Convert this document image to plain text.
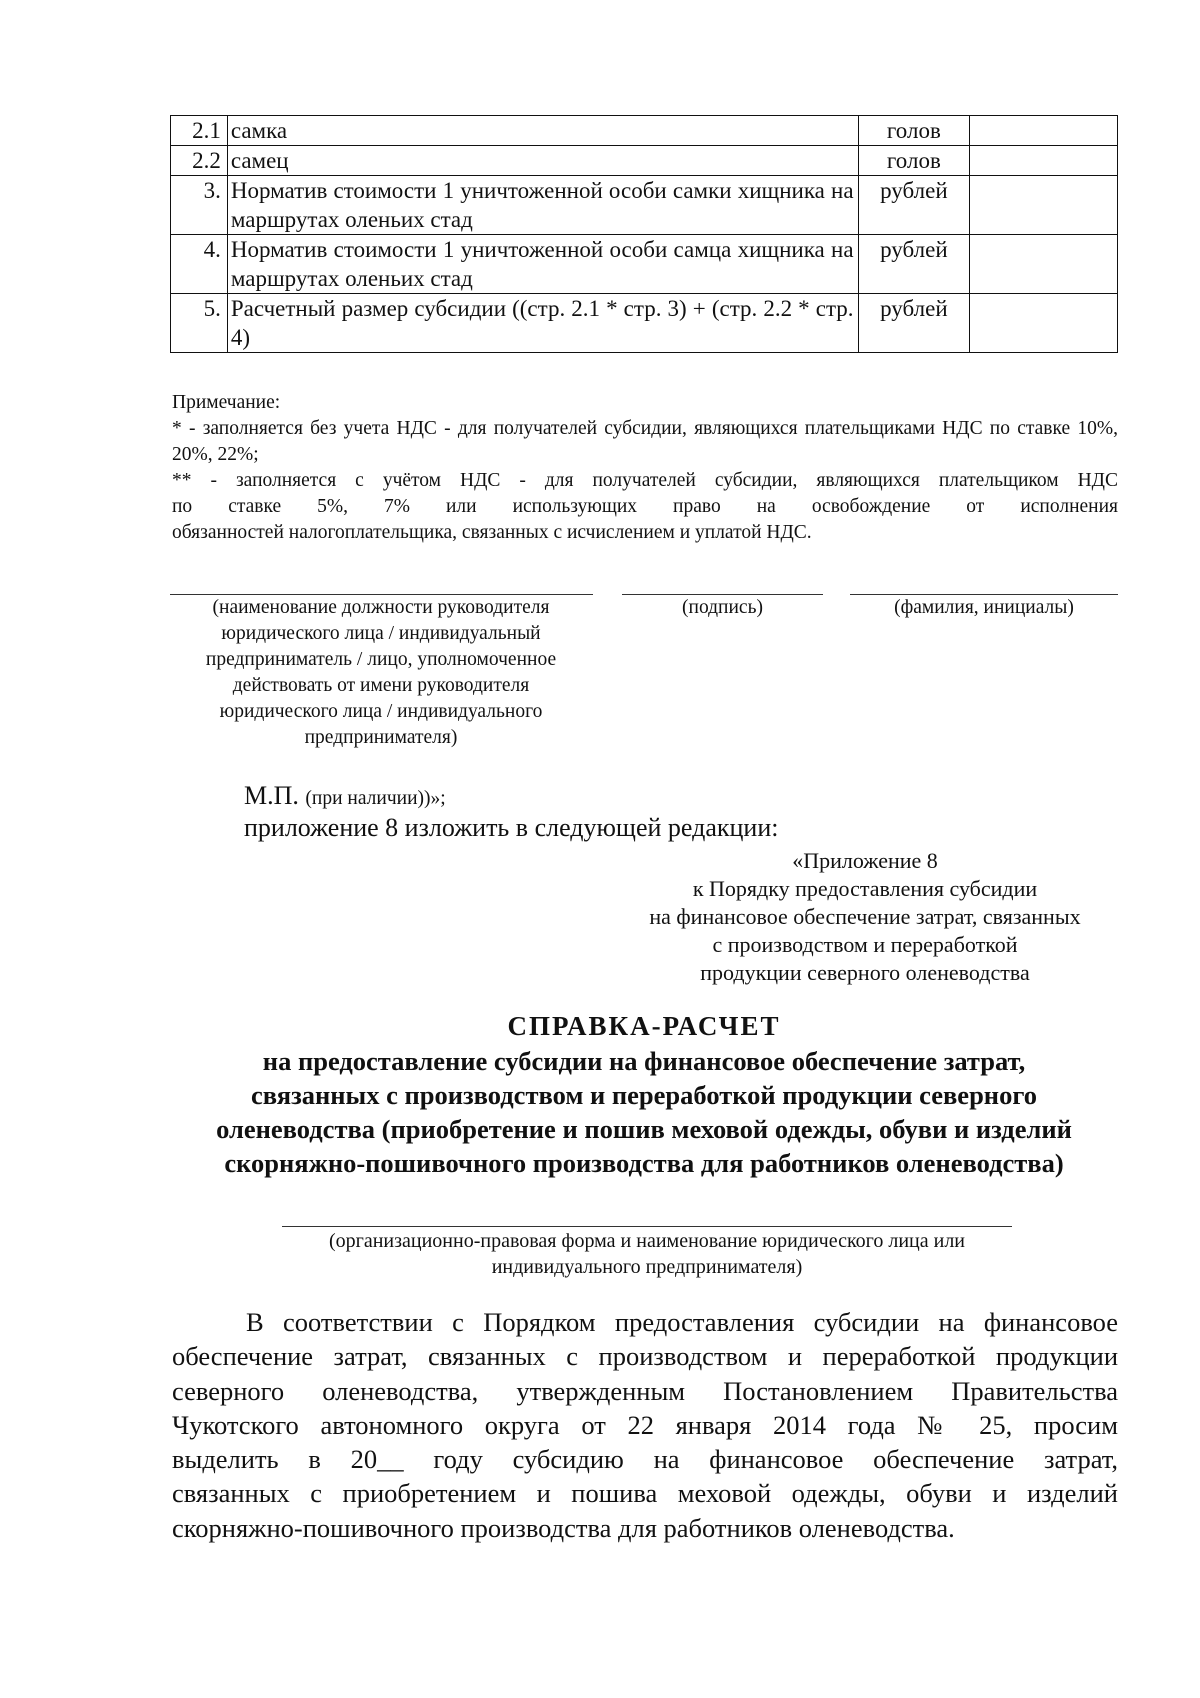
2.1	самка	голов	
2.2	самец	голов	
3.	Норматив стоимости 1 уничтоженной особи самки хищника на маршрутах оленьих стад	рублей	
4.	Норматив стоимости 1 уничтоженной особи самца хищника на маршрутах оленьих стад	рублей	
5.	Расчетный размер субсидии ((стр. 2.1 * стр. 3) + (стр. 2.2 * стр. 4)	рублей	

Примечание:

* - заполняется без учета НДС - для получателей субсидии, являющихся плательщиками НДС по ставке 10%, 20%, 22%;

** - заполняется с учётом НДС - для получателей субсидии, являющихся плательщиком НДС

по ставке 5%, 7% или использующих право на освобождение от исполнения

обязанностей налогоплательщика, связанных с исчислением и уплатой НДС.

(наименование должности руководителя
юридического лица / индивидуальный
предприниматель / лицо, уполномоченное
действовать от имени руководителя
юридического лица / индивидуального
предпринимателя)
(подпись)	(фамилия, инициалы)
М.П. (при наличии))»;
приложение 8 изложить в следующей редакции:
«Приложение 8
к Порядку предоставления субсидии
на финансовое обеспечение затрат, связанных
с производством и переработкой
продукции северного оленеводства
СПРАВКА-РАСЧЕТ
на предоставление субсидии на финансовое обеспечение затрат,
связанных с производством и переработкой продукции северного
оленеводства (приобретение и пошив меховой одежды, обуви и изделий
скорняжно-пошивочного производства для работников оленеводства)
(организационно-правовая форма и наименование юридического лица или
индивидуального предпринимателя)
В соответствии с Порядком предоставления субсидии на финансовое
обеспечение затрат, связанных с производством и переработкой продукции
северного оленеводства, утвержденным Постановлением Правительства
Чукотского автономного округа от 22 января 2014 года № 25, просим
выделить в 20__ году субсидию на финансовое обеспечение затрат,
связанных с приобретением и пошива меховой одежды, обуви и изделий
скорняжно-пошивочного производства для работников оленеводства.
